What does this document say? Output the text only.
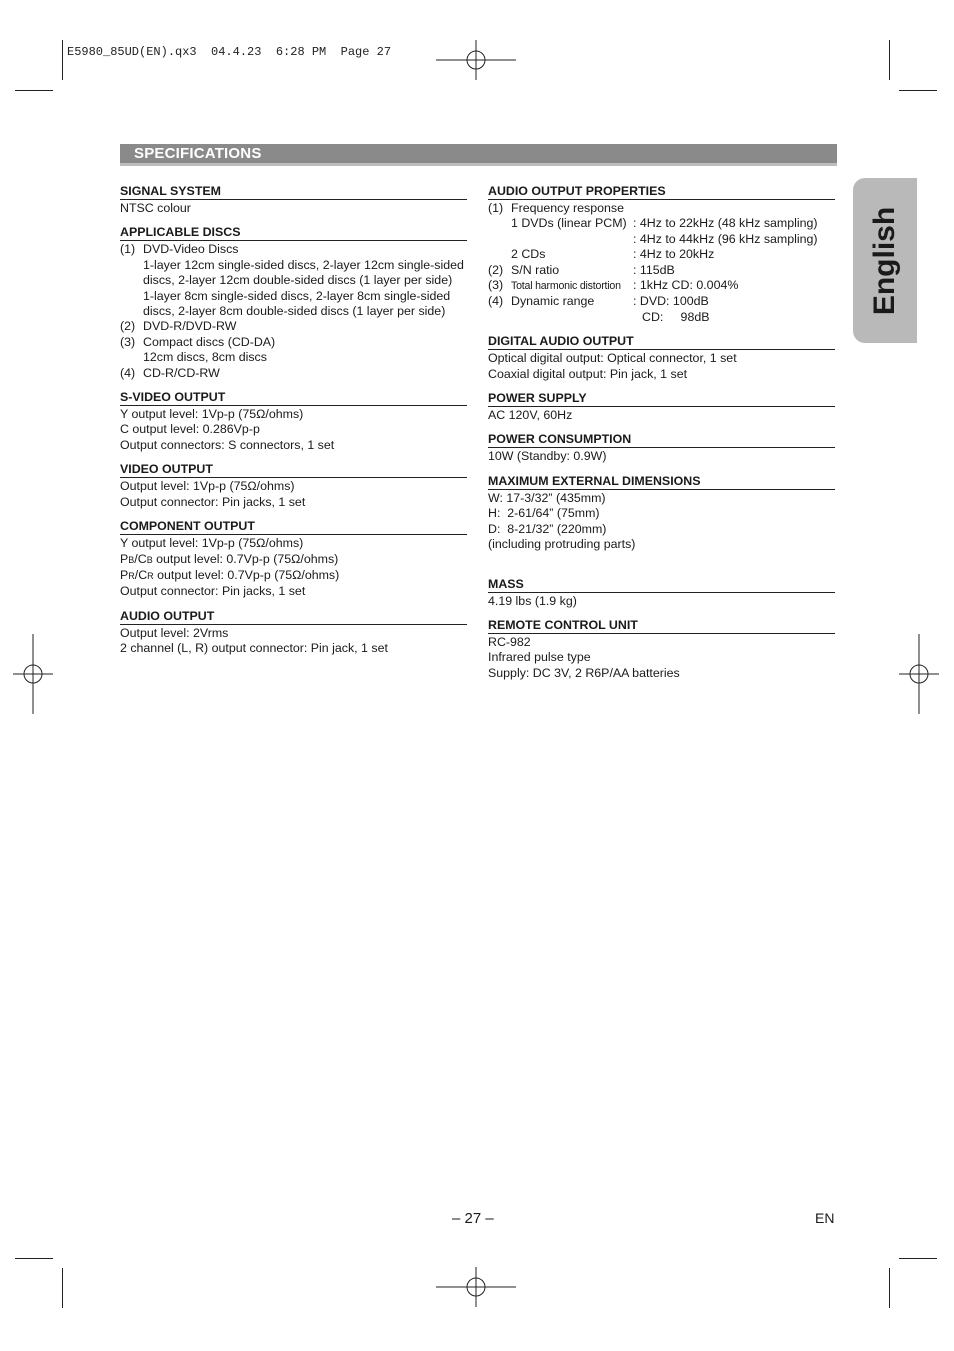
E5980_85UD(EN).qx3  04.4.23  6:28 PM  Page 27
SPECIFICATIONS
English
SIGNAL SYSTEM
NTSC colour
APPLICABLE DISCS
(1) DVD-Video Discs
1-layer 12cm single-sided discs, 2-layer 12cm single-sided
discs, 2-layer 12cm double-sided discs (1 layer per side)
1-layer 8cm single-sided discs, 2-layer 8cm single-sided
discs, 2-layer 8cm double-sided discs (1 layer per side)
(2) DVD-R/DVD-RW
(3) Compact discs (CD-DA)
12cm discs, 8cm discs
(4) CD-R/CD-RW
S-VIDEO OUTPUT
Y output level: 1Vp-p (75Ω/ohms)
C output level: 0.286Vp-p
Output connectors: S connectors, 1 set
VIDEO OUTPUT
Output level: 1Vp-p (75Ω/ohms)
Output connector: Pin jacks, 1 set
COMPONENT OUTPUT
Y output level: 1Vp-p (75Ω/ohms)
PB/CB output level: 0.7Vp-p (75Ω/ohms)
PR/CR output level: 0.7Vp-p (75Ω/ohms)
Output connector: Pin jacks, 1 set
AUDIO OUTPUT
Output level: 2Vrms
2 channel (L, R) output connector: Pin jack, 1 set
AUDIO OUTPUT PROPERTIES
(1) Frequency response
1 DVDs (linear PCM) : 4Hz to 22kHz (48 kHz sampling)
: 4Hz to 44kHz (96 kHz sampling)
2 CDs	: 4Hz to 20kHz
(2) S/N ratio	: 115dB
(3) Total harmonic distortion : 1kHz CD: 0.004%
(4) Dynamic range	: DVD: 100dB
CD:     98dB
DIGITAL AUDIO OUTPUT
Optical digital output: Optical connector, 1 set
Coaxial digital output: Pin jack, 1 set
POWER SUPPLY
AC 120V, 60Hz
POWER CONSUMPTION
10W (Standby: 0.9W)
MAXIMUM EXTERNAL DIMENSIONS
W: 17-3/32” (435mm)
H:  2-61/64” (75mm)
D:  8-21/32” (220mm)
(including protruding parts)
MASS
4.19 lbs (1.9 kg)
REMOTE CONTROL UNIT
RC-982
Infrared pulse type
Supply: DC 3V, 2 R6P/AA batteries
– 27 –	EN
